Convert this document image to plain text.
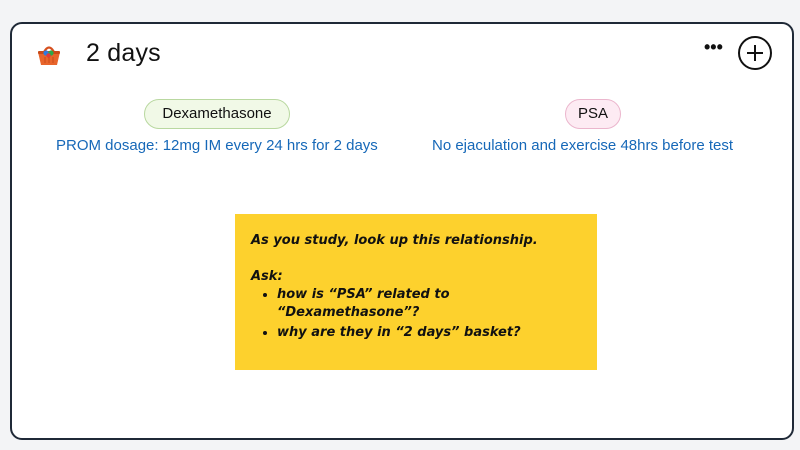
2 days	•••
Dexamethasone
PROM dosage: 12mg IM every 24 hrs for 2 days
PSA
No ejaculation and exercise 48hrs before test

As you study, look up this relationship.

Ask:

• how is “PSA” related to “Dexamethasone”?
• why are they in “2 days” basket?
